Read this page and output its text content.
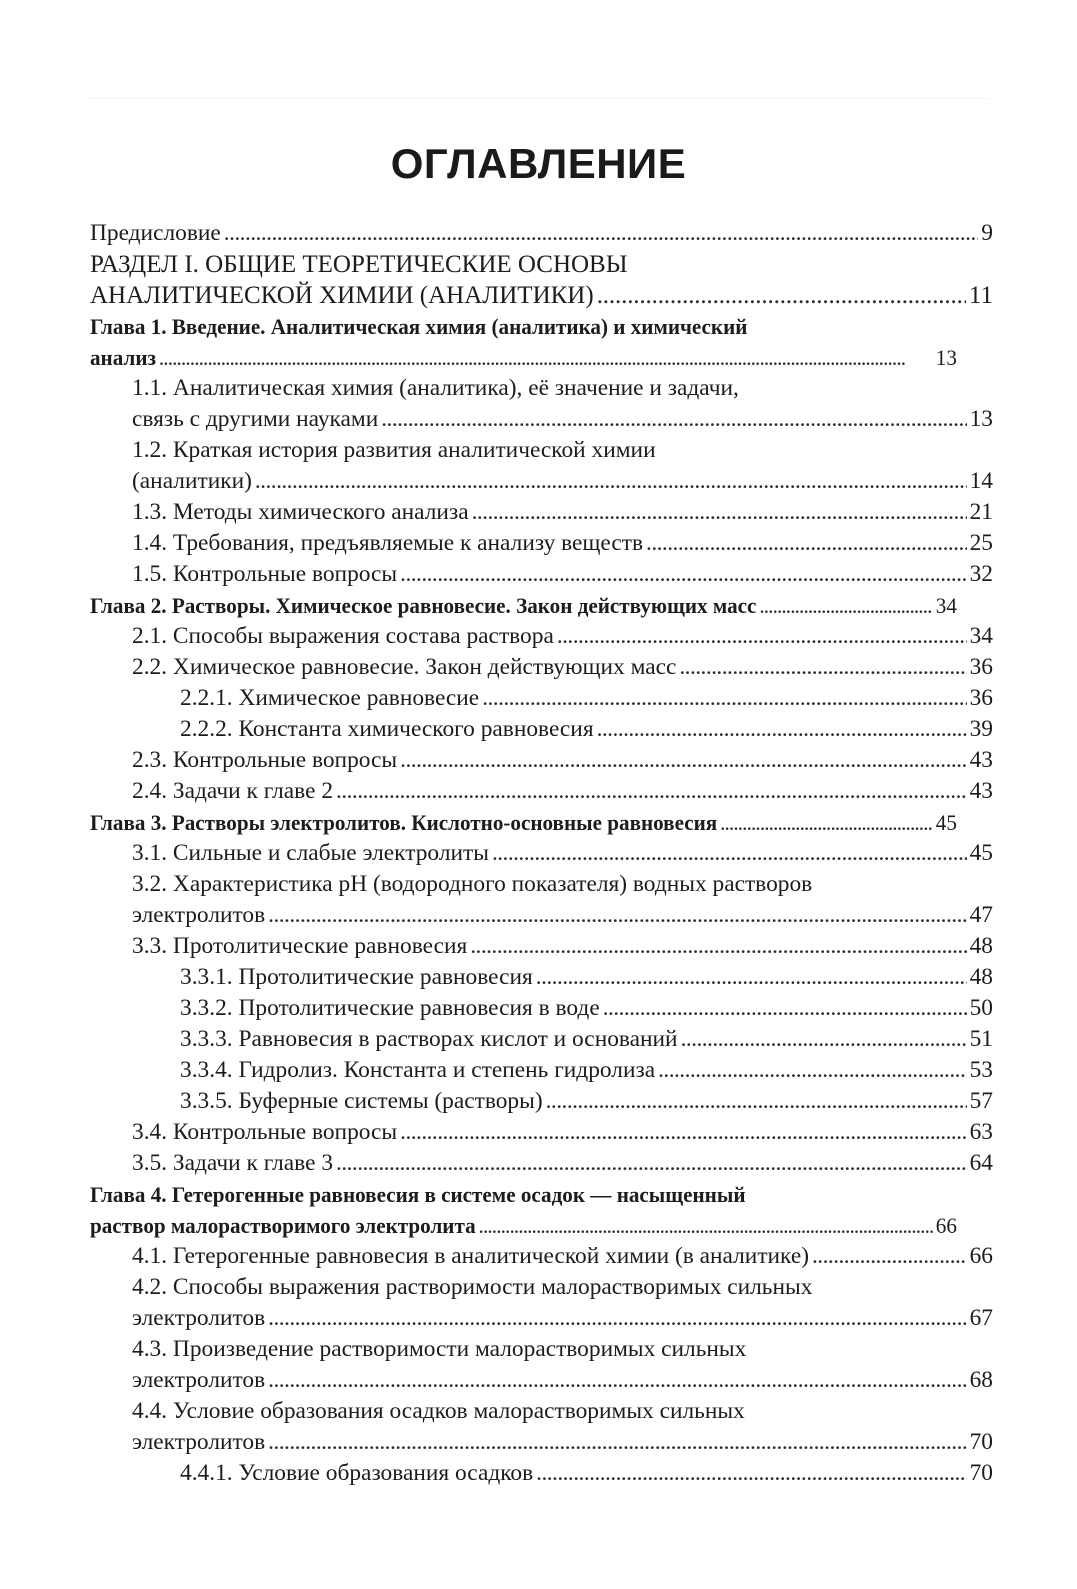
ОГЛАВЛЕНИЕ
Предисловие . . .	9
РАЗДЕЛ I. ОБЩИЕ ТЕОРЕТИЧЕСКИЕ ОСНОВЫ
АНАЛИТИЧЕСКОЙ ХИМИИ (АНАЛИТИКИ) . . .	11
Глава 1. Введение. Аналитическая химия (аналитика) и химический
анализ . . .	13
1.1. Аналитическая химия (аналитика), её значение и задачи,
связь с другими науками . . .	13
1.2. Краткая история развития аналитической химии
(аналитики) . . .	14
1.3. Методы химического анализа . . .	21
1.4. Требования, предъявляемые к анализу веществ . . .	25
1.5. Контрольные вопросы . . .	32
Глава 2. Растворы. Химическое равновесие. Закон действующих масс . . .	34
2.1. Способы выражения состава раствора . . .	34
2.2. Химическое равновесие. Закон действующих масс . . .	36
2.2.1. Химическое равновесие . . .	36
2.2.2. Константа химического равновесия . . .	39
2.3. Контрольные вопросы . . .	43
2.4. Задачи к главе 2 . . .	43
Глава 3. Растворы электролитов. Кислотно-основные равновесия . . .	45
3.1. Сильные и слабые электролиты . . .	45
3.2. Характеристика pH (водородного показателя) водных растворов
электролитов . . .	47
3.3. Протолитические равновесия . . .	48
3.3.1. Протолитические равновесия . . .	48
3.3.2. Протолитические равновесия в воде . . .	50
3.3.3. Равновесия в растворах кислот и оснований . . .	51
3.3.4. Гидролиз. Константа и степень гидролиза . . .	53
3.3.5. Буферные системы (растворы) . . .	57
3.4. Контрольные вопросы . . .	63
3.5. Задачи к главе 3 . . .	64
Глава 4. Гетерогенные равновесия в системе осадок — насыщенный
раствор малорастворимого электролита . . .	66
4.1. Гетерогенные равновесия в аналитической химии (в аналитике) . . .	66
4.2. Способы выражения растворимости малорастворимых сильных
электролитов . . .	67
4.3. Произведение растворимости малорастворимых сильных
электролитов . . .	68
4.4. Условие образования осадков малорастворимых сильных
электролитов . . .	70
4.4.1. Условие образования осадков . . .	70
